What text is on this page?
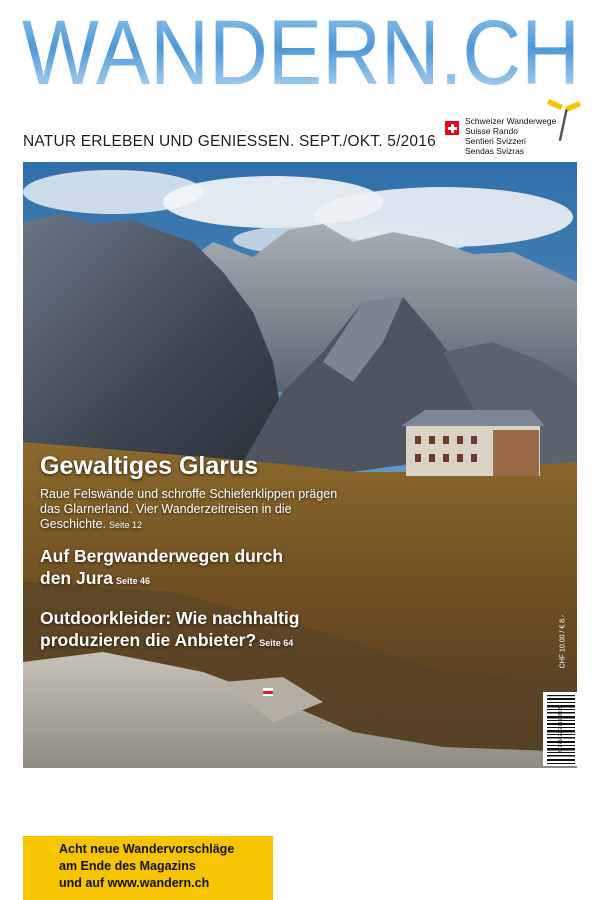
WANDERN.CH
NATUR ERLEBEN UND GENIESSEN. SEPT./OKT. 5/2016
Schweizer Wanderwege
Suisse Rando
Sentieri Svizzeri
Sendas Svizras
Acht neue Wandervorschläge
am Ende des Magazins
und auf www.wandern.ch
Gewaltiges Glarus
Raue Felswände und schroffe Schieferklippen prägen das Glarnerland. Vier Wanderzeitreisen in die Geschichte. Seite 12
Auf Bergwanderwegen durch den Jura Seite 46
Outdoorkleider: Wie nachhaltig produzieren die Anbieter? Seite 64	CHF 10.00 / € 8.-
9 771422 271608 05
